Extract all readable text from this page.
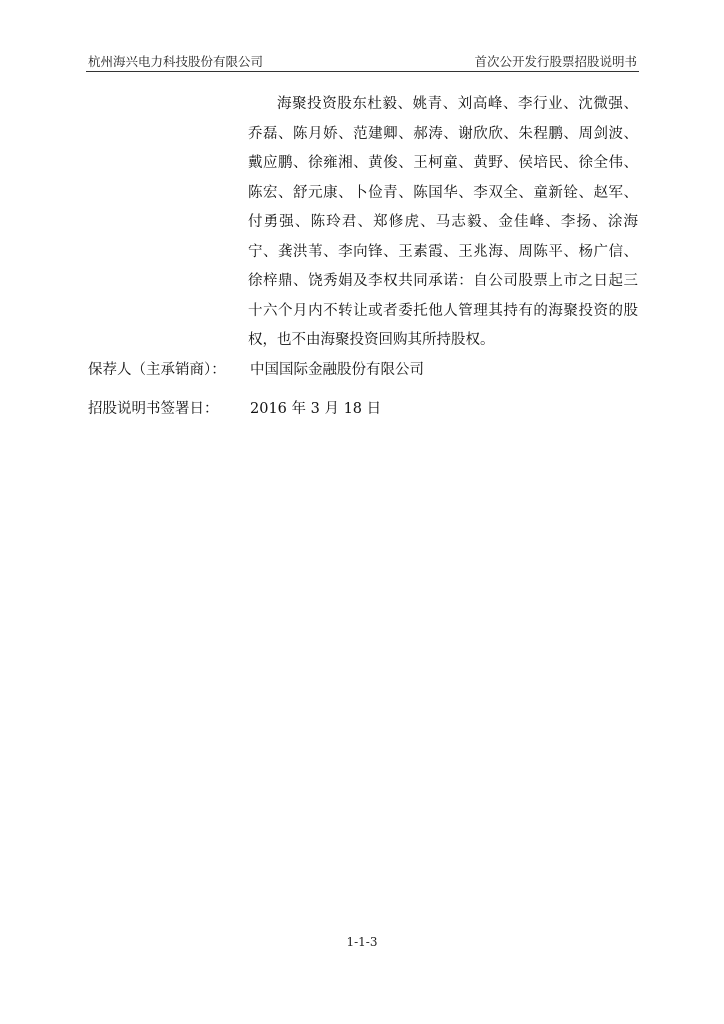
杭州海兴电力科技股份有限公司	首次公开发行股票招股说明书

海聚投资股东杜毅、姚青、刘高峰、李行业、沈微强、乔磊、陈月娇、范建卿、郝涛、谢欣欣、朱程鹏、周剑波、戴应鹏、徐雍湘、黄俊、王柯童、黄野、侯培民、徐全伟、陈宏、舒元康、卜俭青、陈国华、李双全、童新铨、赵军、付勇强、陈玲君、郑修虎、马志毅、金佳峰、李扬、涂海宁、龚洪苇、李向锋、王素霞、王兆海、周陈平、杨广信、徐梓鼎、饶秀娟及李权共同承诺：自公司股票上市之日起三十六个月内不转让或者委托他人管理其持有的海聚投资的股权，也不由海聚投资回购其所持股权。

保荐人（主承销商）： 中国国际金融股份有限公司
招股说明书签署日： 2016 年 3 月 18 日
1-1-3
